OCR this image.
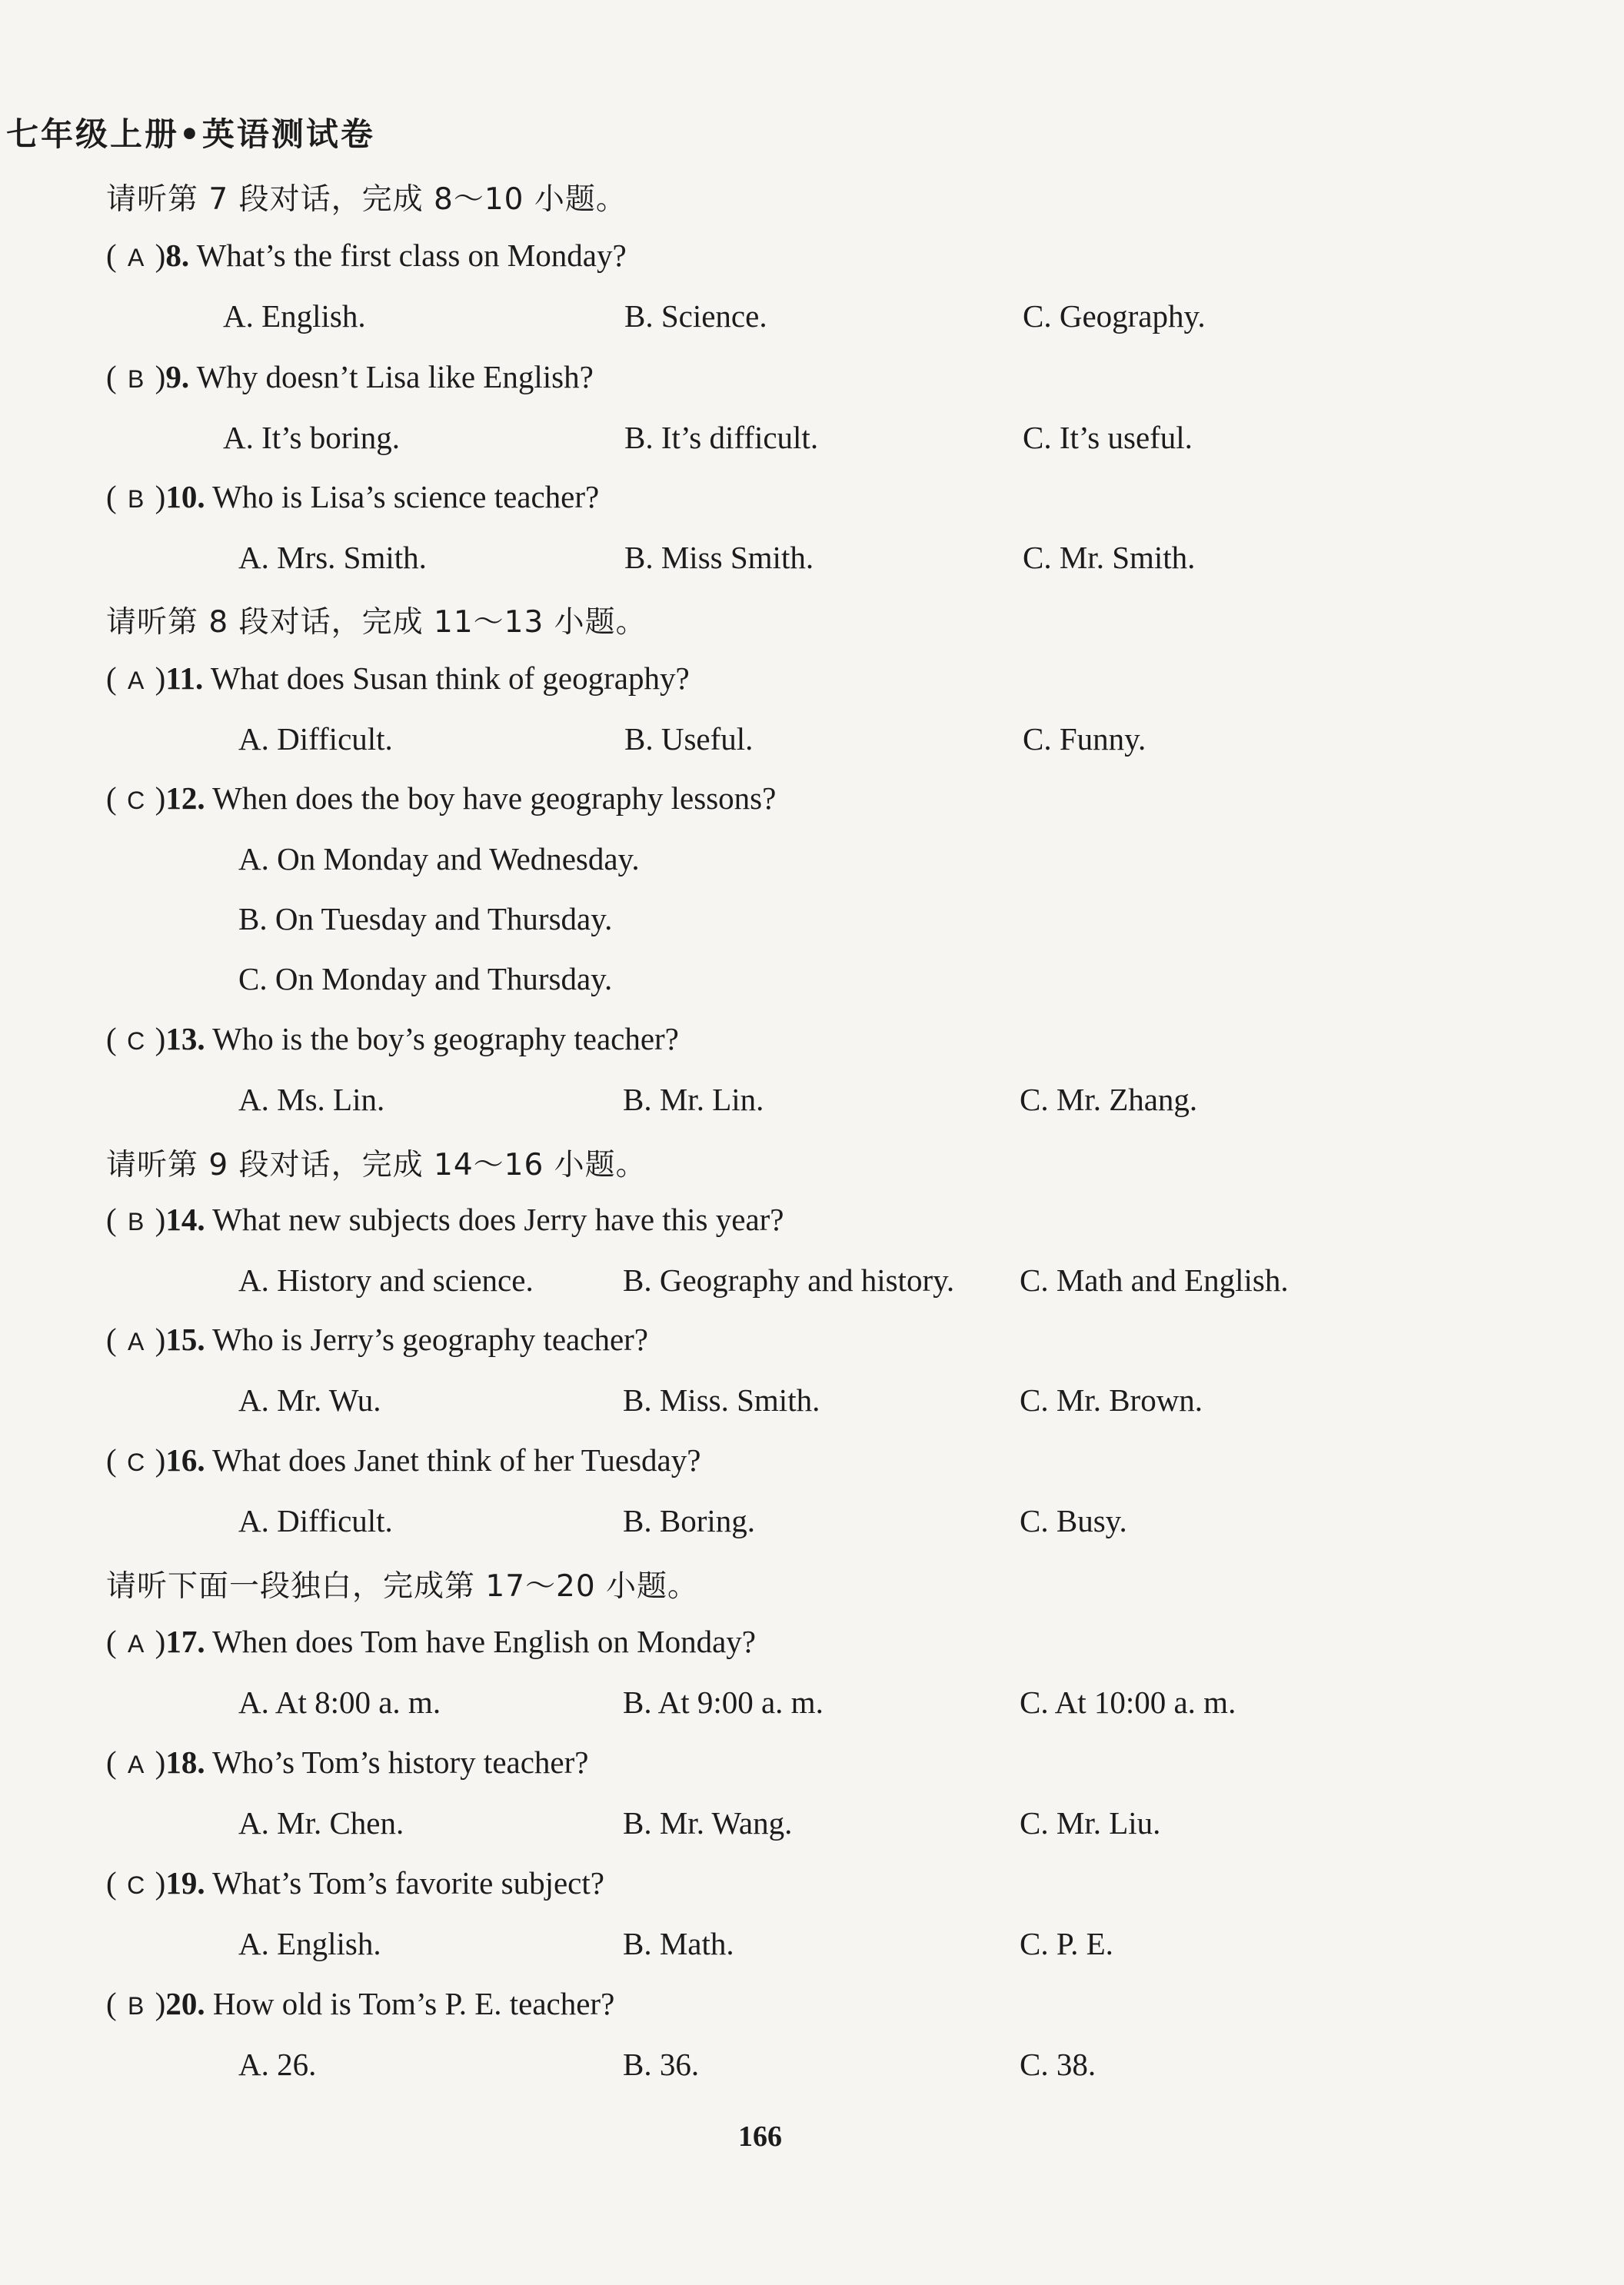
七年级上册•英语测试卷
请听第 7 段对话，完成 8～10 小题。
请听第 8 段对话，完成 11～13 小题。
请听第 9 段对话，完成 14～16 小题。
请听下面一段独白，完成第 17～20 小题。
( A )8. What’s the first class on Monday?
A. English.	B. Science.	C. Geography.
( B )9. Why doesn’t Lisa like English?
A. It’s boring.	B. It’s difficult.	C. It’s useful.
( B )10. Who is Lisa’s science teacher?
A. Mrs. Smith.	B. Miss Smith.	C. Mr. Smith.
( A )11. What does Susan think of geography?
A. Difficult.	B. Useful.	C. Funny.
( C )12. When does the boy have geography lessons?
A. On Monday and Wednesday.
B. On Tuesday and Thursday.
C. On Monday and Thursday.
( C )13. Who is the boy’s geography teacher?
A. Ms. Lin.	B. Mr. Lin.	C. Mr. Zhang.
( B )14. What new subjects does Jerry have this year?
A. History and science.	B. Geography and history. C. Math and English.
( A )15. Who is Jerry’s geography teacher?
A. Mr. Wu.	B. Miss. Smith.	C. Mr. Brown.
( C )16. What does Janet think of her Tuesday?
A. Difficult.	B. Boring.	C. Busy.
( A )17. When does Tom have English on Monday?
A. At 8:00 a. m.	B. At 9:00 a. m.	C. At 10:00 a. m.
( A )18. Who’s Tom’s history teacher?
A. Mr. Chen.	B. Mr. Wang.	C. Mr. Liu.
( C )19. What’s Tom’s favorite subject?
A. English.	B. Math.	C. P. E.
( B )20. How old is Tom’s P. E. teacher?
A. 26.	B. 36.	C. 38.
166
